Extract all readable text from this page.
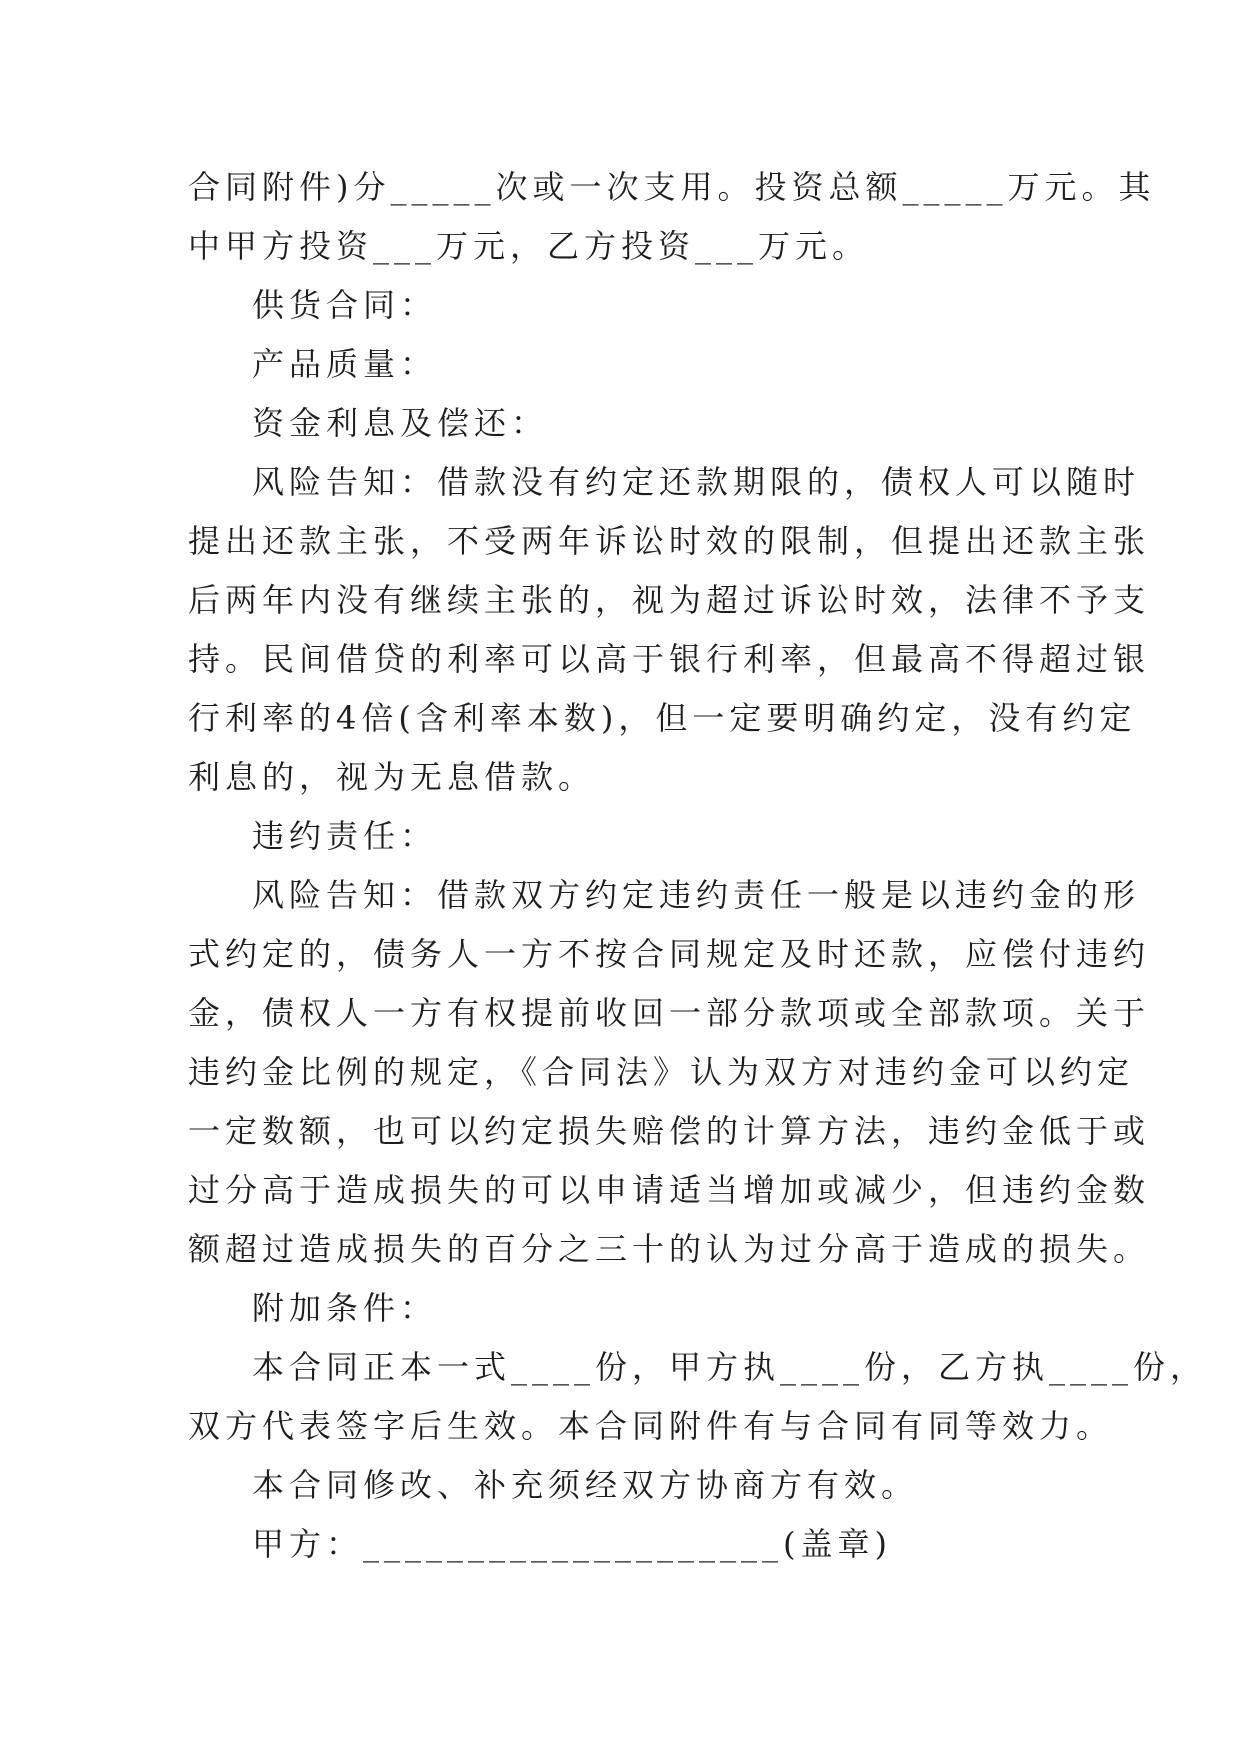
合同附件)分_____次或一次支用。投资总额_____万元。其
中甲方投资___万元，乙方投资___万元。
供货合同：
产品质量：
资金利息及偿还：
风险告知：借款没有约定还款期限的，债权人可以随时
提出还款主张，不受两年诉讼时效的限制，但提出还款主张
后两年内没有继续主张的，视为超过诉讼时效，法律不予支
持。民间借贷的利率可以高于银行利率，但最高不得超过银
行利率的4倍(含利率本数)，但一定要明确约定，没有约定
利息的，视为无息借款。
违约责任：
风险告知：借款双方约定违约责任一般是以违约金的形
式约定的，债务人一方不按合同规定及时还款，应偿付违约
金，债权人一方有权提前收回一部分款项或全部款项。关于
违约金比例的规定，《合同法》认为双方对违约金可以约定
一定数额，也可以约定损失赔偿的计算方法，违约金低于或
过分高于造成损失的可以申请适当增加或减少，但违约金数
额超过造成损失的百分之三十的认为过分高于造成的损失。
附加条件：
本合同正本一式____份，甲方执____份，乙方执____份，
双方代表签字后生效。本合同附件有与合同有同等效力。
本合同修改、补充须经双方协商方有效。
甲方：____________________(盖章)
